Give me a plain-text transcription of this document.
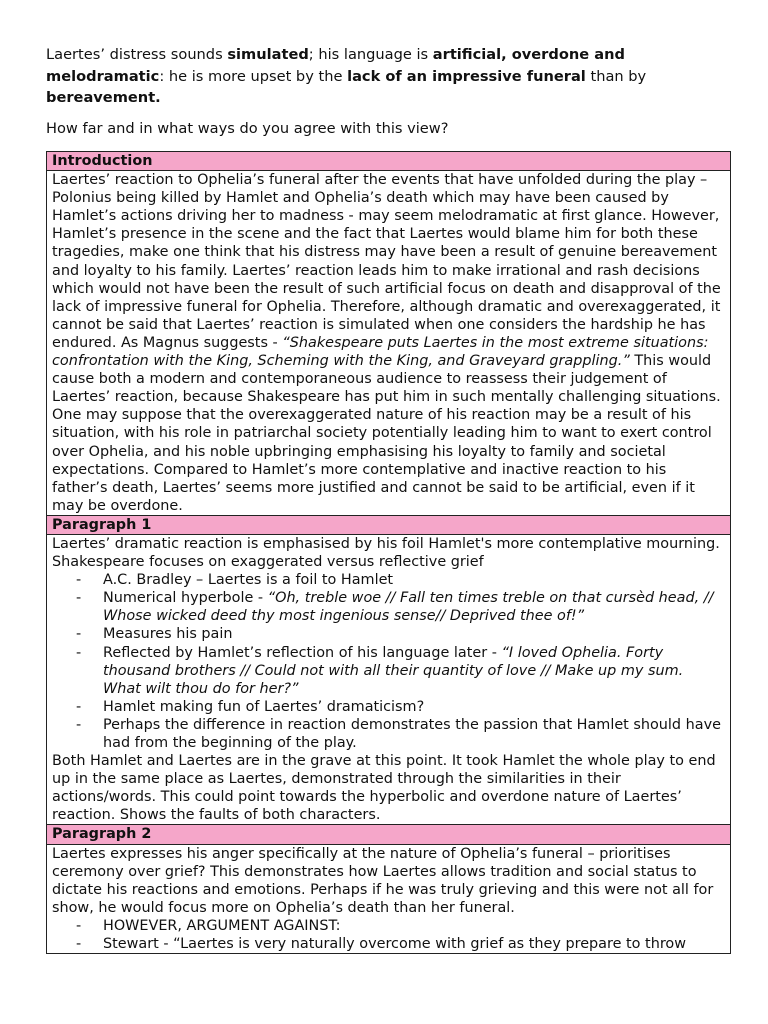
Laertes’ distress sounds simulated; his language is artificial, overdone and melodramatic: he is more upset by the lack of an impressive funeral than by bereavement.

How far and in what ways do you agree with this view?

Introduction
Laertes’ reaction to Ophelia’s funeral after the events that have unfolded during the play – Polonius being killed by Hamlet and Ophelia’s death which may have been caused by Hamlet’s actions driving her to madness - may seem melodramatic at first glance. However, Hamlet’s presence in the scene and the fact that Laertes would blame him for both these tragedies, make one think that his distress may have been a result of genuine bereavement and loyalty to his family. Laertes’ reaction leads him to make irrational and rash decisions which would not have been the result of such artificial focus on death and disapproval of the lack of impressive funeral for Ophelia. Therefore, although dramatic and overexaggerated, it cannot be said that Laertes’ reaction is simulated when one considers the hardship he has endured. As Magnus suggests - “Shakespeare puts Laertes in the most extreme situations: confrontation with the King, Scheming with the King, and Graveyard grappling.” This would cause both a modern and contemporaneous audience to reassess their judgement of Laertes’ reaction, because Shakespeare has put him in such mentally challenging situations. One may suppose that the overexaggerated nature of his reaction may be a result of his situation, with his role in patriarchal society potentially leading him to want to exert control over Ophelia, and his noble upbringing emphasising his loyalty to family and societal expectations. Compared to Hamlet’s more contemplative and inactive reaction to his father’s death, Laertes’ seems more justified and cannot be said to be artificial, even if it may be overdone.
Paragraph 1

Laertes’ dramatic reaction is emphasised by his foil Hamlet's more contemplative mourning. Shakespeare focuses on exaggerated versus reflective grief
- A.C. Bradley – Laertes is a foil to Hamlet
- Numerical hyperbole - “Oh, treble woe // Fall ten times treble on that cursèd head, // Whose wicked deed thy most ingenious sense// Deprived thee of!”
- Measures his pain
- Reflected by Hamlet’s reflection of his language later - “I loved Ophelia. Forty thousand brothers // Could not with all their quantity of love // Make up my sum. What wilt thou do for her?”
- Hamlet making fun of Laertes’ dramaticism?
- Perhaps the difference in reaction demonstrates the passion that Hamlet should have had from the beginning of the play.
Both Hamlet and Laertes are in the grave at this point. It took Hamlet the whole play to end up in the same place as Laertes, demonstrated through the similarities in their actions/words. This could point towards the hyperbolic and overdone nature of Laertes’ reaction. Shows the faults of both characters.

Paragraph 2

Laertes expresses his anger specifically at the nature of Ophelia’s funeral – prioritises ceremony over grief? This demonstrates how Laertes allows tradition and social status to dictate his reactions and emotions. Perhaps if he was truly grieving and this were not all for show, he would focus more on Ophelia’s death than her funeral.
- HOWEVER, ARGUMENT AGAINST:
- Stewart - “Laertes is very naturally overcome with grief as they prepare to throw
